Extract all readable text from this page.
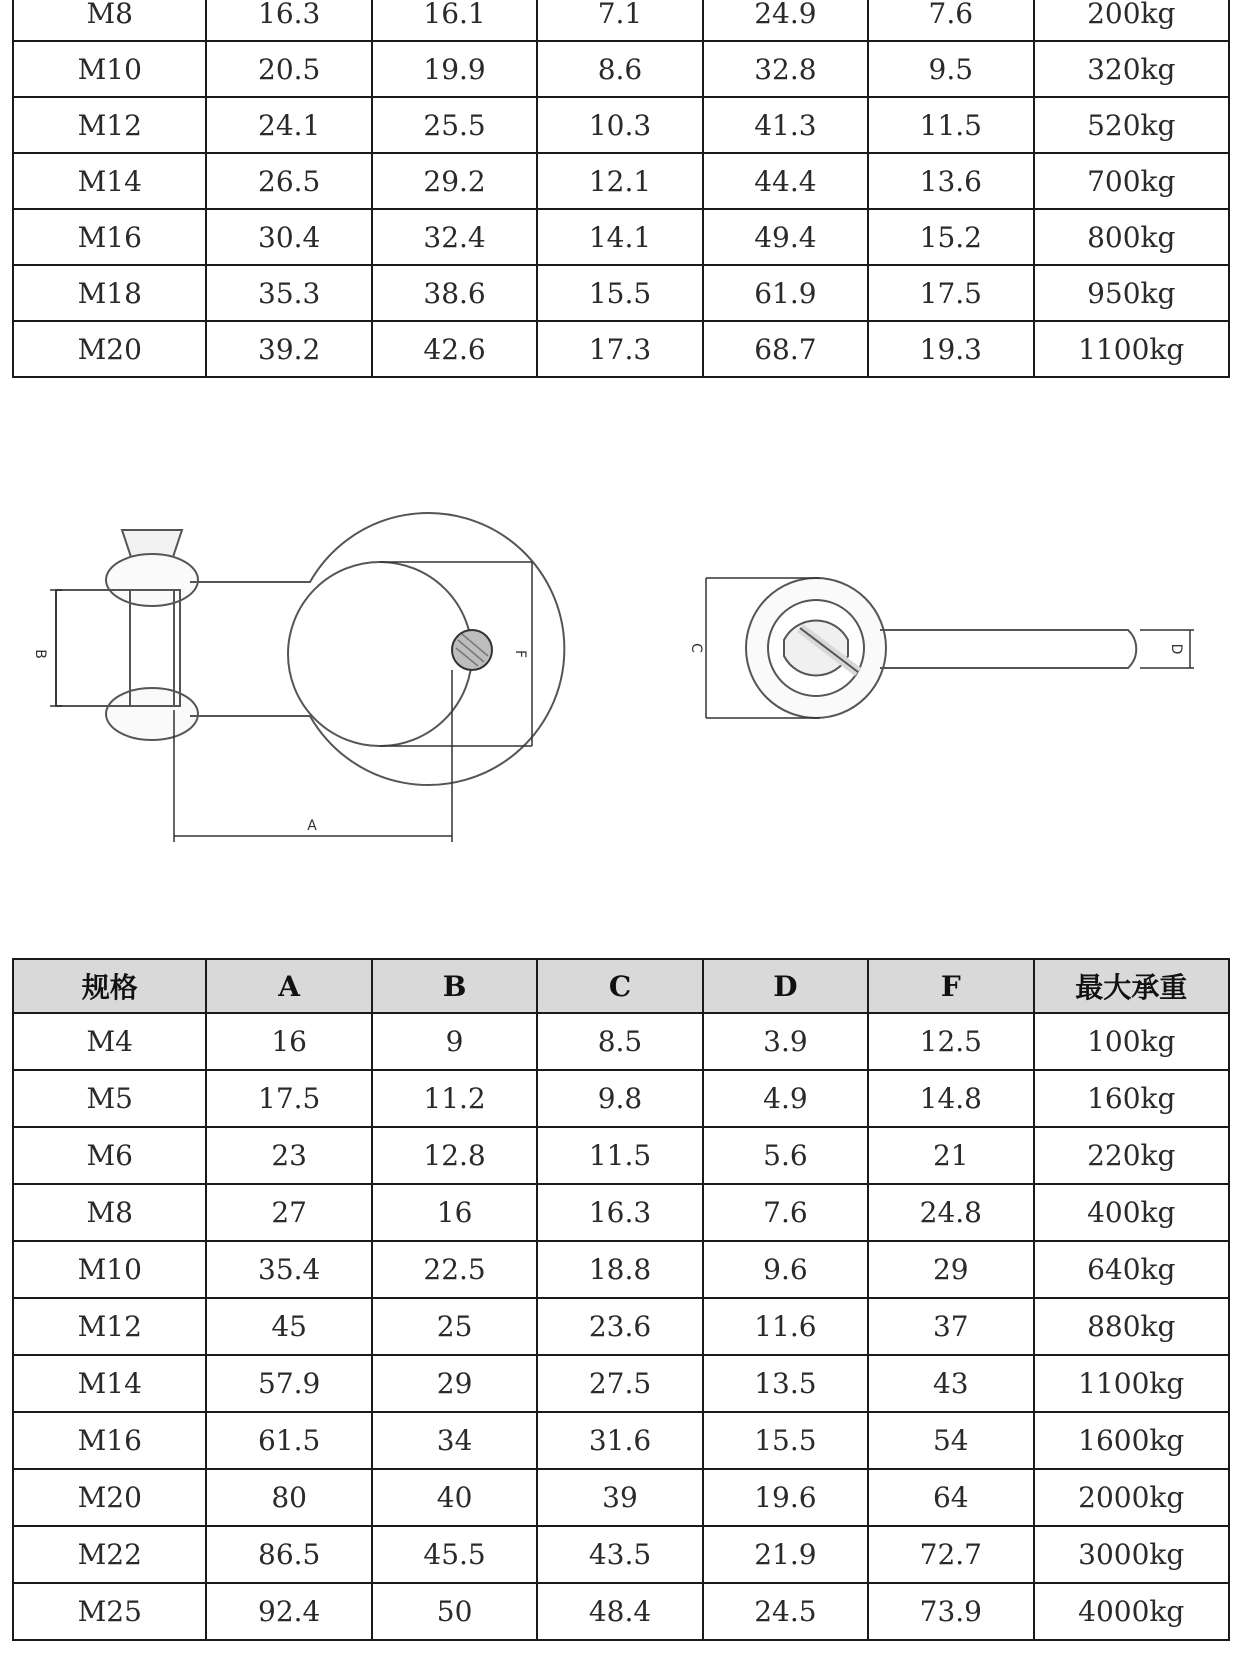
M8	16.3	16.1	7.1	24.9	7.6	200kg
M10	20.5	19.9	8.6	32.8	9.5	320kg
M12	24.1	25.5	10.3	41.3	11.5	520kg
M14	26.5	29.2	12.1	44.4	13.6	700kg
M16	30.4	32.4	14.1	49.4	15.2	800kg
M18	35.3	38.6	15.5	61.9	17.5	950kg
M20	39.2	42.6	17.3	68.7	19.3	1100kg
B	F
A
C	D
规格	A	B	C	D	F	最大承重
M4	16	9	8.5	3.9	12.5	100kg
M5	17.5	11.2	9.8	4.9	14.8	160kg
M6	23	12.8	11.5	5.6	21	220kg
M8	27	16	16.3	7.6	24.8	400kg
M10	35.4	22.5	18.8	9.6	29	640kg
M12	45	25	23.6	11.6	37	880kg
M14	57.9	29	27.5	13.5	43	1100kg
M16	61.5	34	31.6	15.5	54	1600kg
M20	80	40	39	19.6	64	2000kg
M22	86.5	45.5	43.5	21.9	72.7	3000kg
M25	92.4	50	48.4	24.5	73.9	4000kg
